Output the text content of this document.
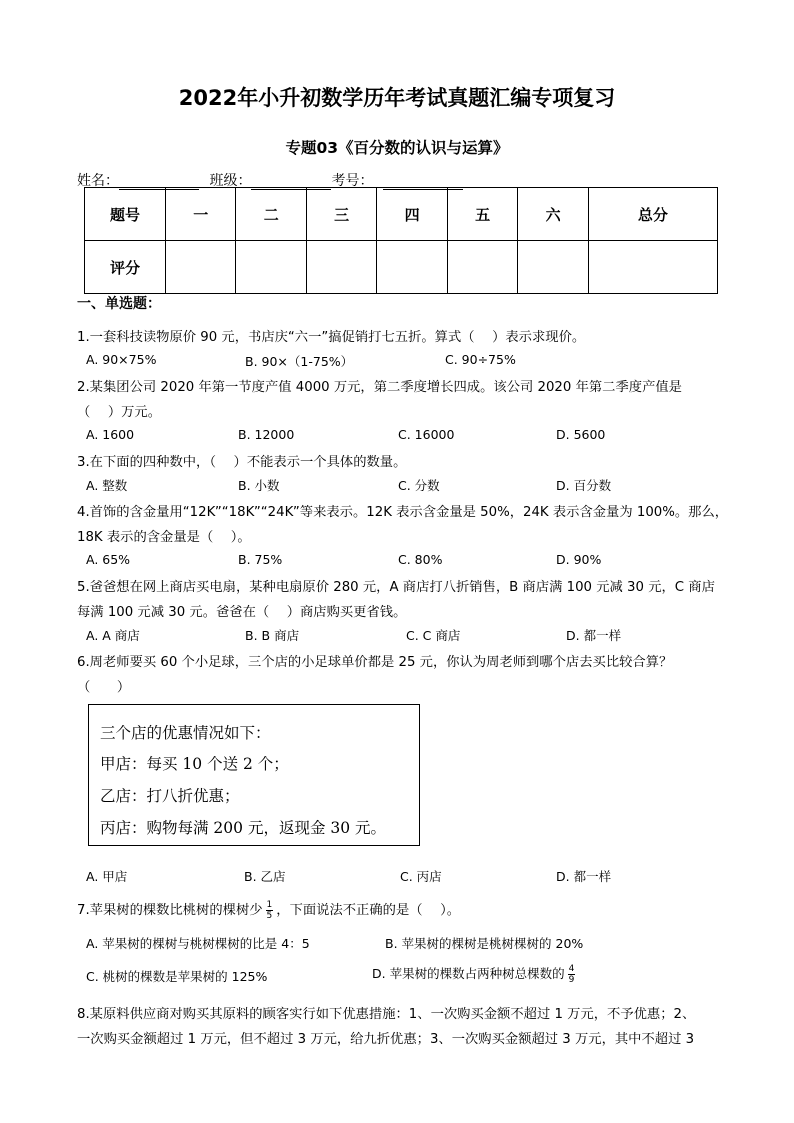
2022年小升初数学历年考试真题汇编专项复习
专题03《百分数的认识与运算》
姓名：	班级：	考号：
题号	一	二	三	四	五	六	总分
评分							
一、单选题：
1.一套科技读物原价 90 元，书店庆“六一”搞促销打七五折。算式（　 ）表示求现价。
A. 90×75%	B. 90×（1-75%）	C. 90÷75%
2.某集团公司 2020 年第一节度产值 4000 万元，第二季度增长四成。该公司 2020 年第二季度产值是
（　 ）万元。
A. 1600	B. 12000	C. 16000	D. 5600
3.在下面的四种数中，（　 ）不能表示一个具体的数量。
A. 整数	B. 小数	C. 分数	D. 百分数
4.首饰的含金量用“12K”“18K”“24K”等来表示。12K 表示含金量是 50%，24K 表示含金量为 100%。那么，
18K 表示的含金量是（　 ）。
A. 65%	B. 75%	C. 80%	D. 90%
5.爸爸想在网上商店买电扇，某种电扇原价 280 元，A 商店打八折销售，B 商店满 100 元减 30 元，C 商店
每满 100 元减 30 元。爸爸在（　 ）商店购买更省钱。
A. A 商店	B. B 商店	C. C 商店	D. 都一样
6.周老师要买 60 个小足球，三个店的小足球单价都是 25 元，你认为周老师到哪个店去买比较合算？
（　　）
三个店的优惠情况如下：
甲店：每买 10 个送 2 个；
乙店：打八折优惠；
丙店：购物每满 200 元，返现金 30 元。
A. 甲店	B. 乙店	C. 丙店	D. 都一样
7.苹果树的棵数比桃树的棵树少 $\frac{1}{5}$ ，下面说法不正确的是（　 ）。
A. 苹果树的棵树与桃树棵树的比是 4：5	B. 苹果树的棵树是桃树棵树的 20%
C. 桃树的棵数是苹果树的 125%	D. 苹果树的棵数占两种树总棵数的 $\frac{4}{9}$
8.某原料供应商对购买其原料的顾客实行如下优惠措施：1、一次购买金额不超过 1 万元，不予优惠；2、
一次购买金额超过 1 万元，但不超过 3 万元，给九折优惠；3、一次购买金额超过 3 万元，其中不超过 3
